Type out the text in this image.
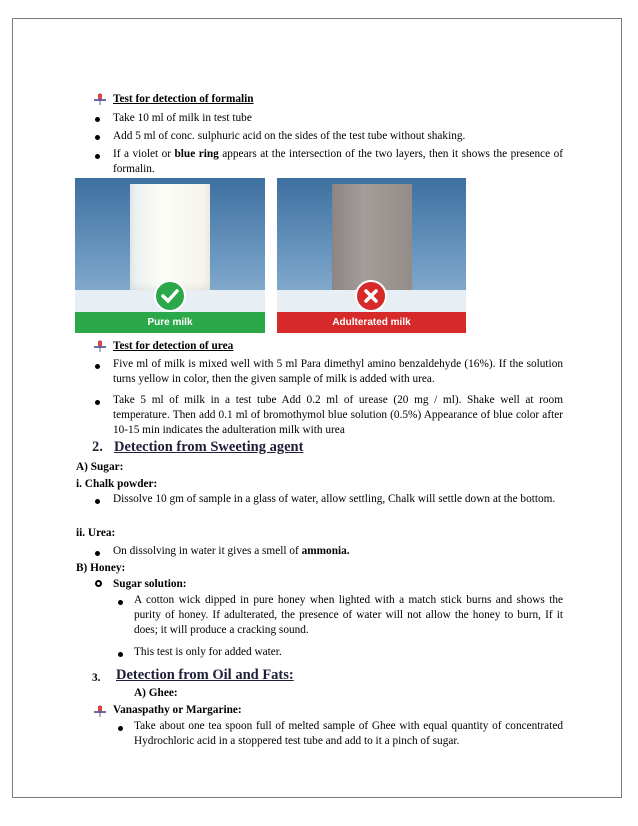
Test for detection of formalin
Take 10 ml of milk in test tube
Add 5 ml of conc. sulphuric acid on the sides of the test tube without shaking.
If a violet or blue ring appears at the intersection of the two layers, then it shows the presence of formalin.
Pure milk	Adulterated milk
Test for detection of urea
Five ml of milk is mixed well with 5 ml Para dimethyl amino benzaldehyde (16%). If the solution turns yellow in color, then the given sample of milk is added with urea.
Take 5 ml of milk in a test tube Add 0.2 ml of urease (20 mg / ml). Shake well at room temperature. Then add 0.1 ml of bromothymol blue solution (0.5%) Appearance of blue color after 10-15 min indicates the adulteration milk with urea
2. Detection from Sweeting agent
A) Sugar:
i. Chalk powder:
Dissolve 10 gm of sample in a glass of water, allow settling, Chalk will settle down at the bottom.
ii. Urea:
On dissolving in water it gives a smell of ammonia.
B) Honey:
Sugar solution:
A cotton wick dipped in pure honey when lighted with a match stick burns and shows the purity of honey. If adulterated, the presence of water will not allow the honey to burn, If it does; it will produce a cracking sound.
This test is only for added water.
3. Detection from Oil and Fats:
A) Ghee:
Vanaspathy or Margarine:
Take about one tea spoon full of melted sample of Ghee with equal quantity of concentrated Hydrochloric acid in a stoppered test tube and add to it a pinch of sugar.
